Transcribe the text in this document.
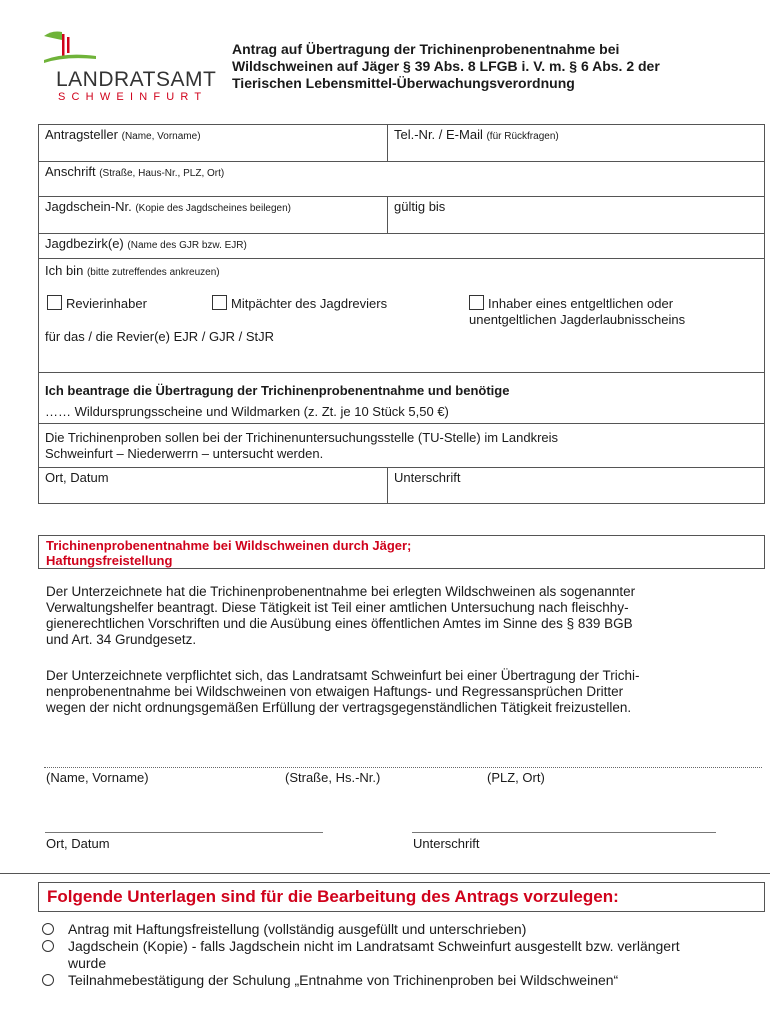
LANDRATSAMT
SCHWEINFURT
Antrag auf Übertragung der Trichinenprobenentnahme bei
Wildschweinen auf Jäger § 39 Abs. 8 LFGB i. V. m. § 6 Abs. 2 der
Tierischen Lebensmittel-Überwachungsverordnung
Antragsteller (Name, Vorname)	Tel.-Nr. / E-Mail (für Rückfragen)
Anschrift (Straße, Haus-Nr., PLZ, Ort)
Jagdschein-Nr. (Kopie des Jagdscheines beilegen)	gültig bis
Jagdbezirk(e) (Name des GJR bzw. EJR)
Ich bin (bitte zutreffendes ankreuzen)
Revierinhaber	Mitpächter des Jagdreviers	Inhaber eines entgeltlichen oder
unentgeltlichen Jagderlaubnisscheins
für das / die Revier(e) EJR / GJR / StJR
Ich beantrage die Übertragung der Trichinenprobenentnahme und benötige
…… Wildursprungsscheine und Wildmarken (z. Zt. je 10 Stück 5,50 €)
Die Trichinenproben sollen bei der Trichinenuntersuchungsstelle (TU-Stelle) im Landkreis
Schweinfurt – Niederwerrn – untersucht werden.
Ort, Datum	Unterschrift
Trichinenprobenentnahme bei Wildschweinen durch Jäger;
Haftungsfreistellung
Der Unterzeichnete hat die Trichinenprobenentnahme bei erlegten Wildschweinen als sogenannter
Verwaltungshelfer beantragt. Diese Tätigkeit ist Teil einer amtlichen Untersuchung nach fleischhy-
gienerechtlichen Vorschriften und die Ausübung eines öffentlichen Amtes im Sinne des § 839 BGB
und Art. 34 Grundgesetz.
Der Unterzeichnete verpflichtet sich, das Landratsamt Schweinfurt bei einer Übertragung der Trichi-
nenprobenentnahme bei Wildschweinen von etwaigen Haftungs- und Regressansprüchen Dritter
wegen der nicht ordnungsgemäßen Erfüllung der vertragsgegenständlichen Tätigkeit freizustellen.
(Name, Vorname)	(Straße, Hs.-Nr.)	(PLZ, Ort)
Ort, Datum	Unterschrift
Folgende Unterlagen sind für die Bearbeitung des Antrags vorzulegen:
Antrag mit Haftungsfreistellung (vollständig ausgefüllt und unterschrieben)
Jagdschein (Kopie) - falls Jagdschein nicht im Landratsamt Schweinfurt ausgestellt bzw. verlängert wurde
Teilnahmebestätigung der Schulung „Entnahme von Trichinenproben bei Wildschweinen“
